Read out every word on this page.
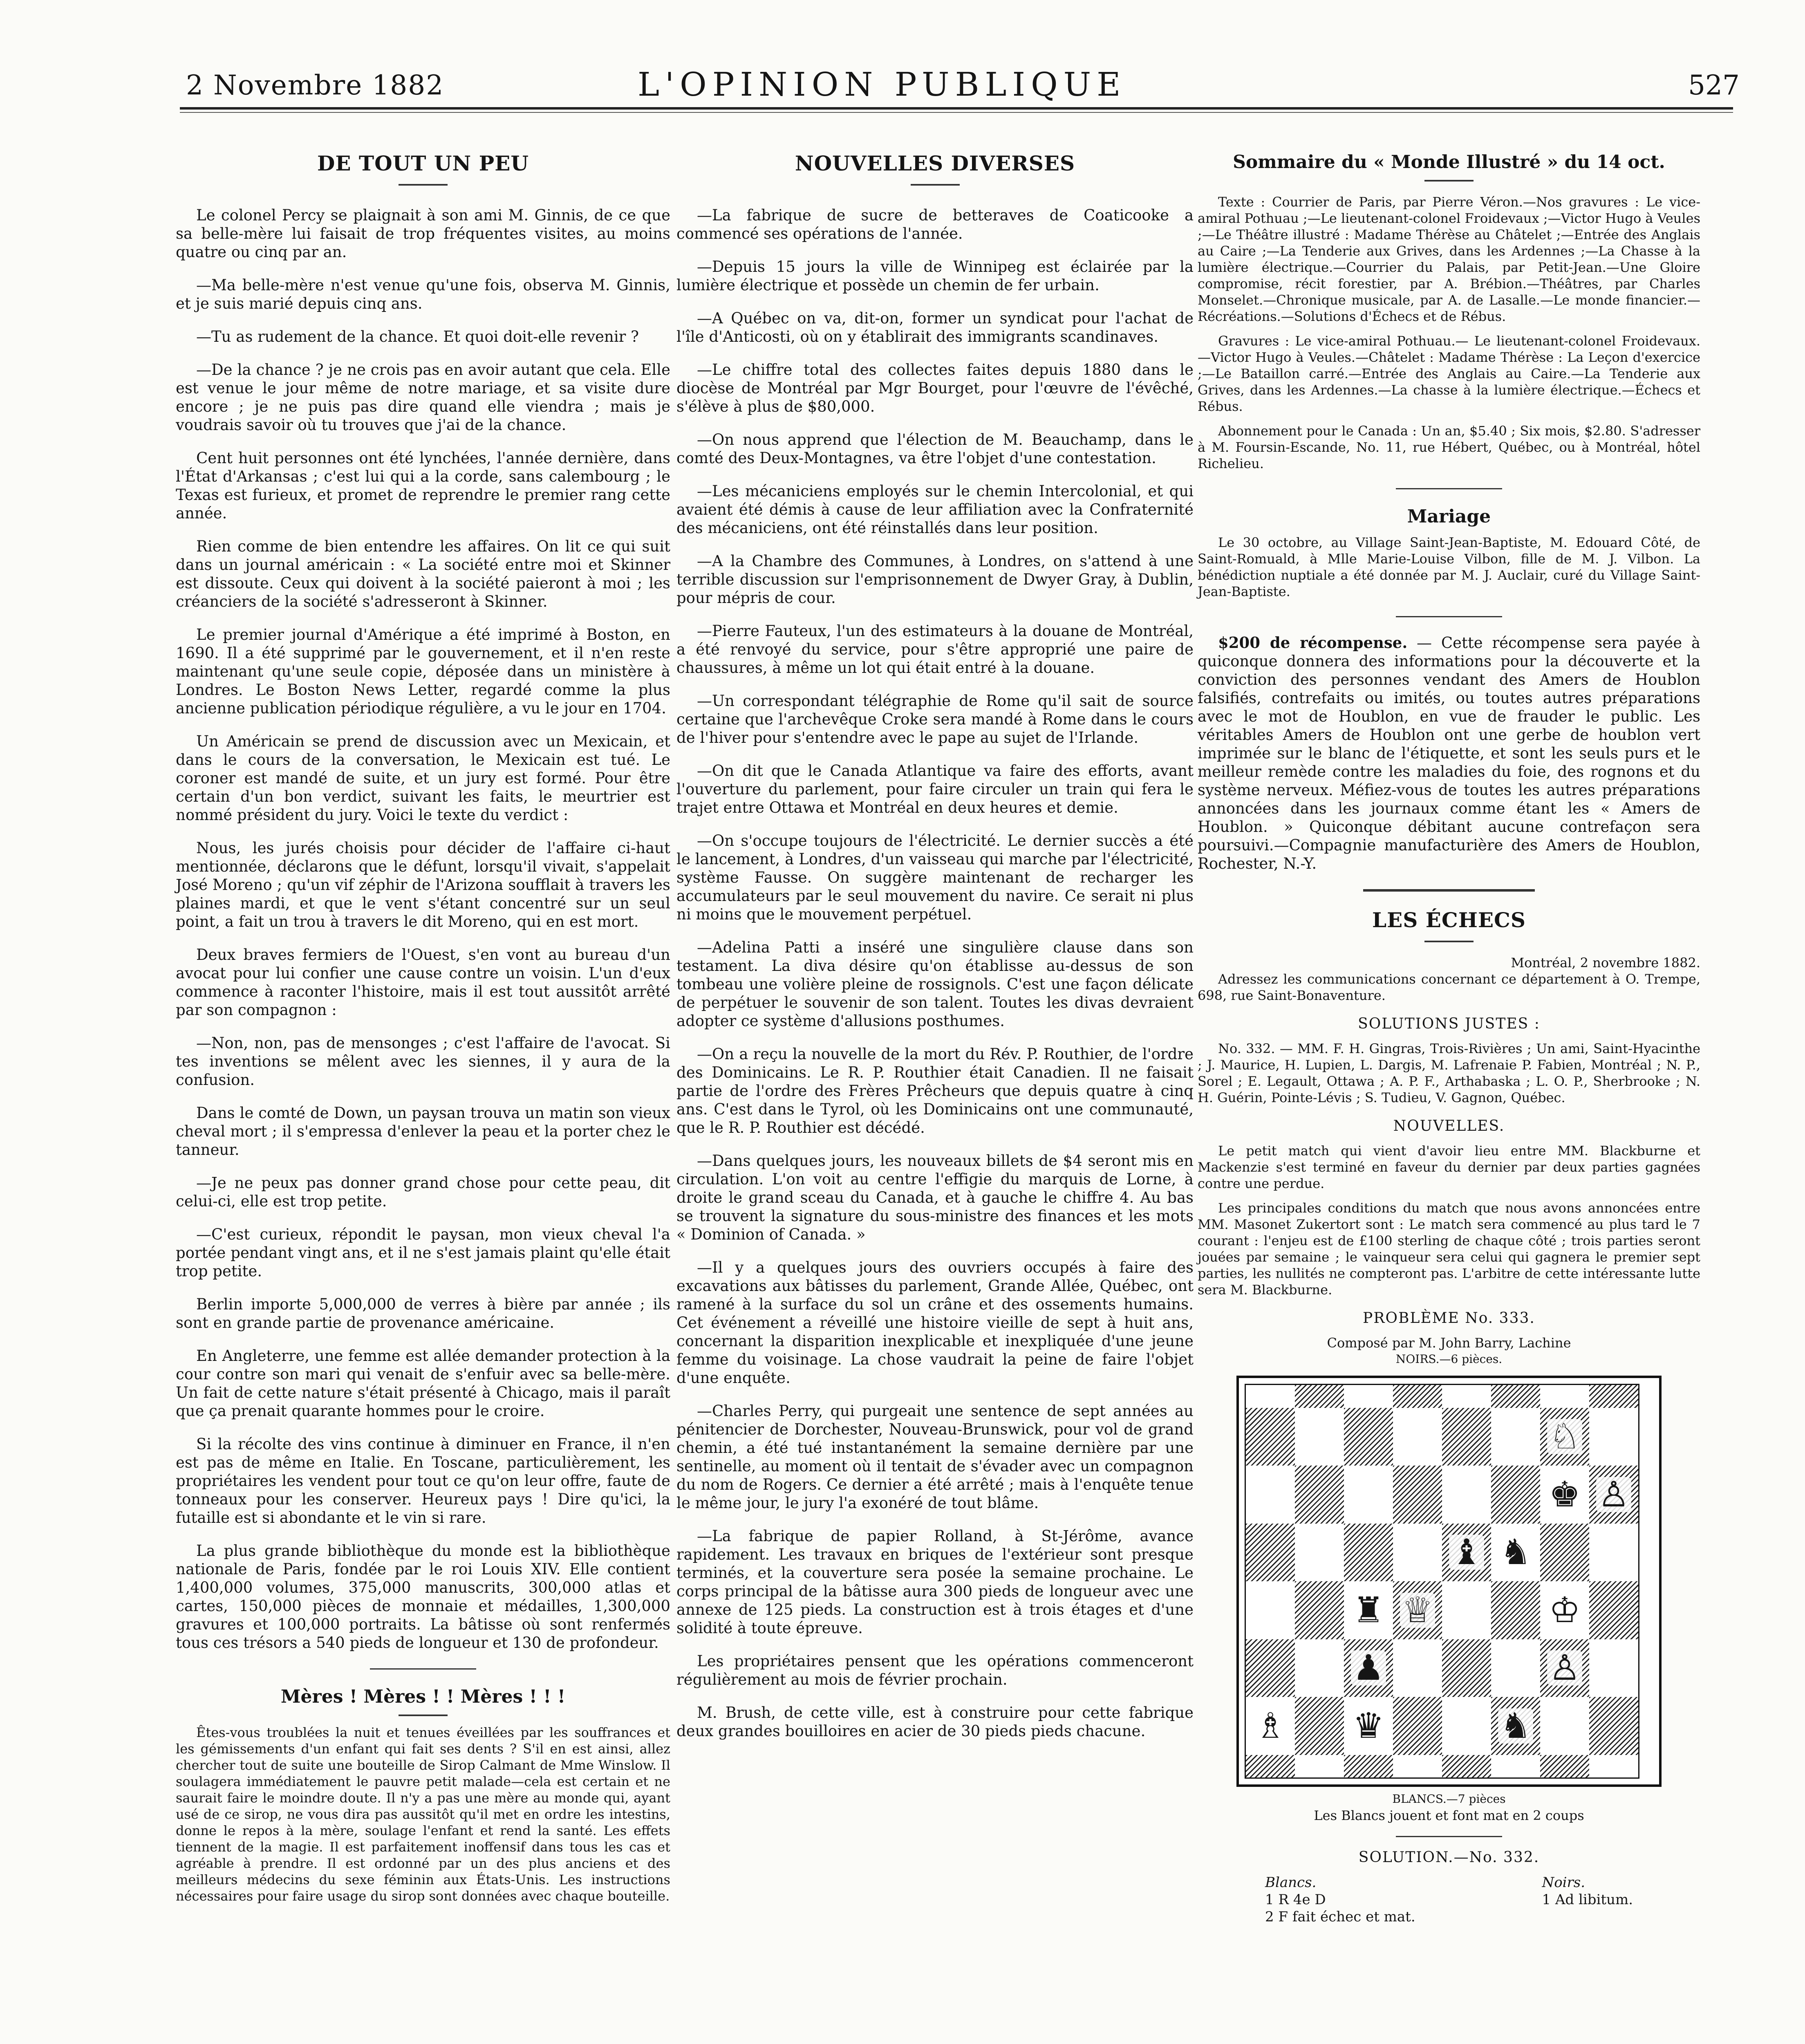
2 Novembre 1882	L'OPINION PUBLIQUE	527
DE TOUT UN PEU
Le colonel Percy se plaignait à son ami M. Ginnis, de ce que sa belle-mère lui faisait de trop fréquentes visites, au moins quatre ou cinq par an.
—Ma belle-mère n'est venue qu'une fois, observa M. Ginnis, et je suis marié depuis cinq ans.
—Tu as rudement de la chance. Et quoi doit-elle revenir ?
—De la chance ? je ne crois pas en avoir autant que cela. Elle est venue le jour même de notre mariage, et sa visite dure encore ; je ne puis pas dire quand elle viendra ; mais je voudrais savoir où tu trouves que j'ai de la chance.
Cent huit personnes ont été lynchées, l'année dernière, dans l'État d'Arkansas ; c'est lui qui a la corde, sans calembourg ; le Texas est furieux, et promet de reprendre le premier rang cette année.
Rien comme de bien entendre les affaires. On lit ce qui suit dans un journal américain : « La société entre moi et Skinner est dissoute. Ceux qui doivent à la société paieront à moi ; les créanciers de la société s'adresseront à Skinner.
Le premier journal d'Amérique a été imprimé à Boston, en 1690. Il a été supprimé par le gouvernement, et il n'en reste maintenant qu'une seule copie, déposée dans un ministère à Londres. Le Boston News Letter, regardé comme la plus ancienne publication périodique régulière, a vu le jour en 1704.
Un Américain se prend de discussion avec un Mexicain, et dans le cours de la conversation, le Mexicain est tué. Le coroner est mandé de suite, et un jury est formé. Pour être certain d'un bon verdict, suivant les faits, le meurtrier est nommé président du jury. Voici le texte du verdict :
Nous, les jurés choisis pour décider de l'affaire ci-haut mentionnée, déclarons que le défunt, lorsqu'il vivait, s'appelait José Moreno ; qu'un vif zéphir de l'Arizona soufflait à travers les plaines mardi, et que le vent s'étant concentré sur un seul point, a fait un trou à travers le dit Moreno, qui en est mort.
Deux braves fermiers de l'Ouest, s'en vont au bureau d'un avocat pour lui confier une cause contre un voisin. L'un d'eux commence à raconter l'histoire, mais il est tout aussitôt arrêté par son compagnon :
—Non, non, pas de mensonges ; c'est l'affaire de l'avocat. Si tes inventions se mêlent avec les siennes, il y aura de la confusion.
Dans le comté de Down, un paysan trouva un matin son vieux cheval mort ; il s'empressa d'enlever la peau et la porter chez le tanneur.
—Je ne peux pas donner grand chose pour cette peau, dit celui-ci, elle est trop petite.
—C'est curieux, répondit le paysan, mon vieux cheval l'a portée pendant vingt ans, et il ne s'est jamais plaint qu'elle était trop petite.
Berlin importe 5,000,000 de verres à bière par année ; ils sont en grande partie de provenance américaine.
En Angleterre, une femme est allée demander protection à la cour contre son mari qui venait de s'enfuir avec sa belle-mère. Un fait de cette nature s'était présenté à Chicago, mais il paraît que ça prenait quarante hommes pour le croire.
Si la récolte des vins continue à diminuer en France, il n'en est pas de même en Italie. En Toscane, particulièrement, les propriétaires les vendent pour tout ce qu'on leur offre, faute de tonneaux pour les conserver. Heureux pays ! Dire qu'ici, la futaille est si abondante et le vin si rare.
La plus grande bibliothèque du monde est la bibliothèque nationale de Paris, fondée par le roi Louis XIV. Elle contient 1,400,000 volumes, 375,000 manuscrits, 300,000 atlas et cartes, 150,000 pièces de monnaie et médailles, 1,300,000 gravures et 100,000 portraits. La bâtisse où sont renfermés tous ces trésors a 540 pieds de longueur et 130 de profondeur.
Mères ! Mères ! ! Mères ! ! !
Êtes-vous troublées la nuit et tenues éveillées par les souffrances et les gémissements d'un enfant qui fait ses dents ? S'il en est ainsi, allez chercher tout de suite une bouteille de Sirop Calmant de Mme Winslow. Il soulagera immédiatement le pauvre petit malade—cela est certain et ne saurait faire le moindre doute. Il n'y a pas une mère au monde qui, ayant usé de ce sirop, ne vous dira pas aussitôt qu'il met en ordre les intestins, donne le repos à la mère, soulage l'enfant et rend la santé. Les effets tiennent de la magie. Il est parfaitement inoffensif dans tous les cas et agréable à prendre. Il est ordonné par un des plus anciens et des meilleurs médecins du sexe féminin aux États-Unis. Les instructions nécessaires pour faire usage du sirop sont données avec chaque bouteille.
NOUVELLES DIVERSES
—La fabrique de sucre de betteraves de Coaticooke a commencé ses opérations de l'année.
—Depuis 15 jours la ville de Winnipeg est éclairée par la lumière électrique et possède un chemin de fer urbain.
—A Québec on va, dit-on, former un syndicat pour l'achat de l'île d'Anticosti, où on y établirait des immigrants scandinaves.
—Le chiffre total des collectes faites depuis 1880 dans le diocèse de Montréal par Mgr Bourget, pour l'œuvre de l'évêché, s'élève à plus de $80,000.
—On nous apprend que l'élection de M. Beauchamp, dans le comté des Deux-Montagnes, va être l'objet d'une contestation.
—Les mécaniciens employés sur le chemin Intercolonial, et qui avaient été démis à cause de leur affiliation avec la Confraternité des mécaniciens, ont été réinstallés dans leur position.
—A la Chambre des Communes, à Londres, on s'attend à une terrible discussion sur l'emprisonnement de Dwyer Gray, à Dublin, pour mépris de cour.
—Pierre Fauteux, l'un des estimateurs à la douane de Montréal, a été renvoyé du service, pour s'être approprié une paire de chaussures, à même un lot qui était entré à la douane.
—Un correspondant télégraphie de Rome qu'il sait de source certaine que l'archevêque Croke sera mandé à Rome dans le cours de l'hiver pour s'entendre avec le pape au sujet de l'Irlande.
—On dit que le Canada Atlantique va faire des efforts, avant l'ouverture du parlement, pour faire circuler un train qui fera le trajet entre Ottawa et Montréal en deux heures et demie.
—On s'occupe toujours de l'électricité. Le dernier succès a été le lancement, à Londres, d'un vaisseau qui marche par l'électricité, système Fausse. On suggère maintenant de recharger les accumulateurs par le seul mouvement du navire. Ce serait ni plus ni moins que le mouvement perpétuel.
—Adelina Patti a inséré une singulière clause dans son testament. La diva désire qu'on établisse au-dessus de son tombeau une volière pleine de rossignols. C'est une façon délicate de perpétuer le souvenir de son talent. Toutes les divas devraient adopter ce système d'allusions posthumes.
—On a reçu la nouvelle de la mort du Rév. P. Routhier, de l'ordre des Dominicains. Le R. P. Routhier était Canadien. Il ne faisait partie de l'ordre des Frères Prêcheurs que depuis quatre à cinq ans. C'est dans le Tyrol, où les Dominicains ont une communauté, que le R. P. Routhier est décédé.
—Dans quelques jours, les nouveaux billets de $4 seront mis en circulation. L'on voit au centre l'effigie du marquis de Lorne, à droite le grand sceau du Canada, et à gauche le chiffre 4. Au bas se trouvent la signature du sous-ministre des finances et les mots « Dominion of Canada. »
—Il y a quelques jours des ouvriers occupés à faire des excavations aux bâtisses du parlement, Grande Allée, Québec, ont ramené à la surface du sol un crâne et des ossements humains. Cet événement a réveillé une histoire vieille de sept à huit ans, concernant la disparition inexplicable et inexpliquée d'une jeune femme du voisinage. La chose vaudrait la peine de faire l'objet d'une enquête.
—Charles Perry, qui purgeait une sentence de sept années au pénitencier de Dorchester, Nouveau-Brunswick, pour vol de grand chemin, a été tué instantanément la semaine dernière par une sentinelle, au moment où il tentait de s'évader avec un compagnon du nom de Rogers. Ce dernier a été arrêté ; mais à l'enquête tenue le même jour, le jury l'a exonéré de tout blâme.
—La fabrique de papier Rolland, à St-Jérôme, avance rapidement. Les travaux en briques de l'extérieur sont presque terminés, et la couverture sera posée la semaine prochaine. Le corps principal de la bâtisse aura 300 pieds de longueur avec une annexe de 125 pieds. La construction est à trois étages et d'une solidité à toute épreuve.
Les propriétaires pensent que les opérations commenceront régulièrement au mois de février prochain.
M. Brush, de cette ville, est à construire pour cette fabrique deux grandes bouilloires en acier de 30 pieds pieds chacune.
Sommaire du « Monde Illustré » du 14 oct.
Texte : Courrier de Paris, par Pierre Véron.—Nos gravures : Le vice-amiral Pothuau ;—Le lieutenant-colonel Froidevaux ;—Victor Hugo à Veules ;—Le Théâtre illustré : Madame Thérèse au Châtelet ;—Entrée des Anglais au Caire ;—La Tenderie aux Grives, dans les Ardennes ;—La Chasse à la lumière électrique.—Courrier du Palais, par Petit-Jean.—Une Gloire compromise, récit forestier, par A. Brébion.—Théâtres, par Charles Monselet.—Chronique musicale, par A. de Lasalle.—Le monde financier.—Récréations.—Solutions d'Échecs et de Rébus.
Gravures : Le vice-amiral Pothuau.— Le lieutenant-colonel Froidevaux.—Victor Hugo à Veules.—Châtelet : Madame Thérèse : La Leçon d'exercice ;—Le Bataillon carré.—Entrée des Anglais au Caire.—La Tenderie aux Grives, dans les Ardennes.—La chasse à la lumière électrique.—Échecs et Rébus.
Abonnement pour le Canada : Un an, $5.40 ; Six mois, $2.80. S'adresser à M. Foursin-Escande, No. 11, rue Hébert, Québec, ou à Montréal, hôtel Richelieu.
Mariage
Le 30 octobre, au Village Saint-Jean-Baptiste, M. Edouard Côté, de Saint-Romuald, à Mlle Marie-Louise Vilbon, fille de M. J. Vilbon. La bénédiction nuptiale a été donnée par M. J. Auclair, curé du Village Saint-Jean-Baptiste.
$200 de récompense. — Cette récompense sera payée à quiconque donnera des informations pour la découverte et la conviction des personnes vendant des Amers de Houblon falsifiés, contrefaits ou imités, ou toutes autres préparations avec le mot de Houblon, en vue de frauder le public. Les véritables Amers de Houblon ont une gerbe de houblon vert imprimée sur le blanc de l'étiquette, et sont les seuls purs et le meilleur remède contre les maladies du foie, des rognons et du système nerveux. Méfiez-vous de toutes les autres préparations annoncées dans les journaux comme étant les « Amers de Houblon. » Quiconque débitant aucune contrefaçon sera poursuivi.—Compagnie manufacturière des Amers de Houblon, Rochester, N.-Y.
LES ÉCHECS
Montréal, 2 novembre 1882.
Adressez les communications concernant ce département à O. Trempe, 698, rue Saint-Bonaventure.
SOLUTIONS JUSTES :
No. 332. — MM. F. H. Gingras, Trois-Rivières ; Un ami, Saint-Hyacinthe ; J. Maurice, H. Lupien, L. Dargis, M. Lafrenaie P. Fabien, Montréal ; N. P., Sorel ; E. Legault, Ottawa ; A. P. F., Arthabaska ; L. O. P., Sherbrooke ; N. H. Guérin, Pointe-Lévis ; S. Tudieu, V. Gagnon, Québec.
NOUVELLES.
Le petit match qui vient d'avoir lieu entre MM. Blackburne et Mackenzie s'est terminé en faveur du dernier par deux parties gagnées contre une perdue.
Les principales conditions du match que nous avons annoncées entre MM. Masonet Zukertort sont : Le match sera commencé au plus tard le 7 courant : l'enjeu est de £100 sterling de chaque côté ; trois parties seront jouées par semaine ; le vainqueur sera celui qui gagnera le premier sept parties, les nullités ne compteront pas. L'arbitre de cette intéressante lutte sera M. Blackburne.
PROBLÈME No. 333.
Composé par M. John Barry, Lachine
NOIRS.—6 pièces.
♘
♚ ♙
♝ ♞
♜ ♕	♔
♟	♙
♗ ♛	♞
BLANCS.—7 pièces
Les Blancs jouent et font mat en 2 coups
SOLUTION.—No. 332.
Blancs.
1 R 4e D
2 F fait échec et mat.
Noirs.
1 Ad libitum.
